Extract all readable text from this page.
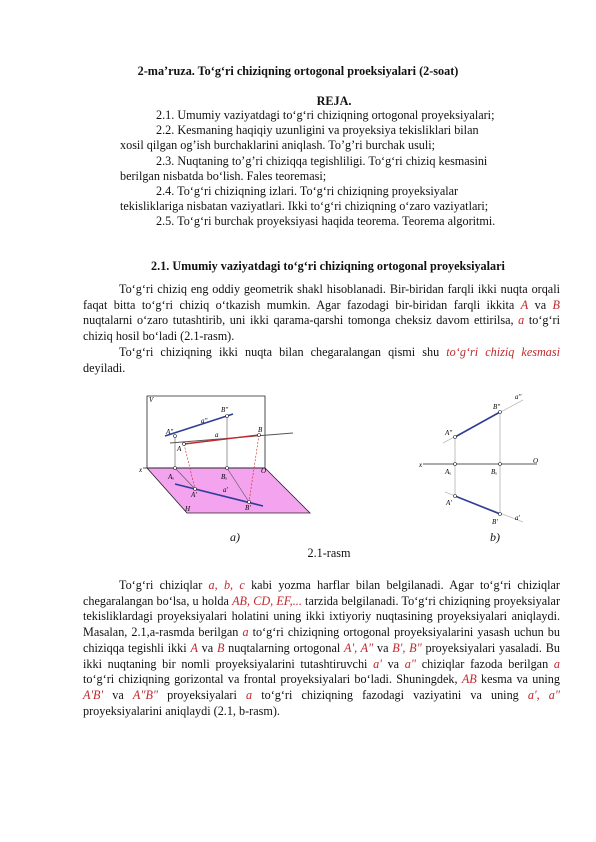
2-ma’ruza. To‘g‘ri chiziqning ortogonal proeksiyalari (2-soat)
REJA.

2.1. Umumiy vaziyatdagi to‘g‘ri chiziqning ortogonal proyeksiyalari;

2.2. Kesmaning haqiqiy uzunligini va proyeksiya tekisliklari bilan

xosil qilgan og’ish burchaklarini aniqlash. To’g’ri burchak usuli;

2.3. Nuqtaning to’g’ri chiziqqa tegishliligi. To‘g‘ri chiziq kesmasini

berilgan nisbatda bo‘lish. Fales teoremasi;

2.4. To‘g‘ri chiziqning izlari. To‘g‘ri chiziqning proyeksiyalar

tekisliklariga nisbatan vaziyatlari. Ikki to‘g‘ri chiziqning o‘zaro vaziyatlari;

2.5. To‘g‘ri burchak proyeksiyasi haqida teorema. Teorema algoritmi.

2.1. Umumiy vaziyatdagi to‘g‘ri chiziqning ortogonal proyeksiyalari

To‘g‘ri chiziq eng oddiy geometrik shakl hisoblanadi. Bir-biridan farqli ikki nuqta orqali faqat bitta to‘g‘ri chiziq o‘tkazish mumkin. Agar fazodagi bir-biridan farqli ikkita A va B nuqtalarni o‘zaro tutashtirib, uni ikki qarama-qarshi tomonga cheksiz davom ettirilsa, a to‘g‘ri chiziq hosil bo‘ladi (2.1-rasm).

To‘g‘ri chiziqning ikki nuqta bilan chegaralangan qismi shu to‘g‘ri chiziq kesmasi deyiladi.

V
H
x	O
A"
B"
a"
A
B
a
Aₓ	Bₓ
A'
B'
a'
x	O
A"
B"
a"
Aₓ	Bₓ
A'
B' a'
a)	b)
2.1-rasm

To‘g‘ri chiziqlar a, b, c kabi yozma harflar bilan belgilanadi. Agar to‘g‘ri chiziqlar chegaralangan bo‘lsa, u holda AB, CD, EF,... tarzida belgilanadi. To‘g‘ri chiziqning proyeksiyalar tekisliklardagi proyeksiyalari holatini uning ikki ixtiyoriy nuqtasining proyeksiyalari aniqlaydi. Masalan, 2.1,a-rasmda berilgan a to‘g‘ri chiziqning ortogonal proyeksiyalarini yasash uchun bu chiziqqa tegishli ikki A va B nuqtalarning ortogonal A', A" va B', B" proyeksiyalari yasaladi. Bu ikki nuqtaning bir nomli proyeksiyalarini tutashtiruvchi a' va a" chiziqlar fazoda berilgan a to‘g‘ri chiziqning gorizontal va frontal proyeksiyalari bo‘ladi. Shuningdek, AB kesma va uning A'B' va A"B" proyeksiyalari a to‘g‘ri chiziqning fazodagi vaziyatini va uning a', a" proyeksiyalarini aniqlaydi (2.1, b-rasm).
